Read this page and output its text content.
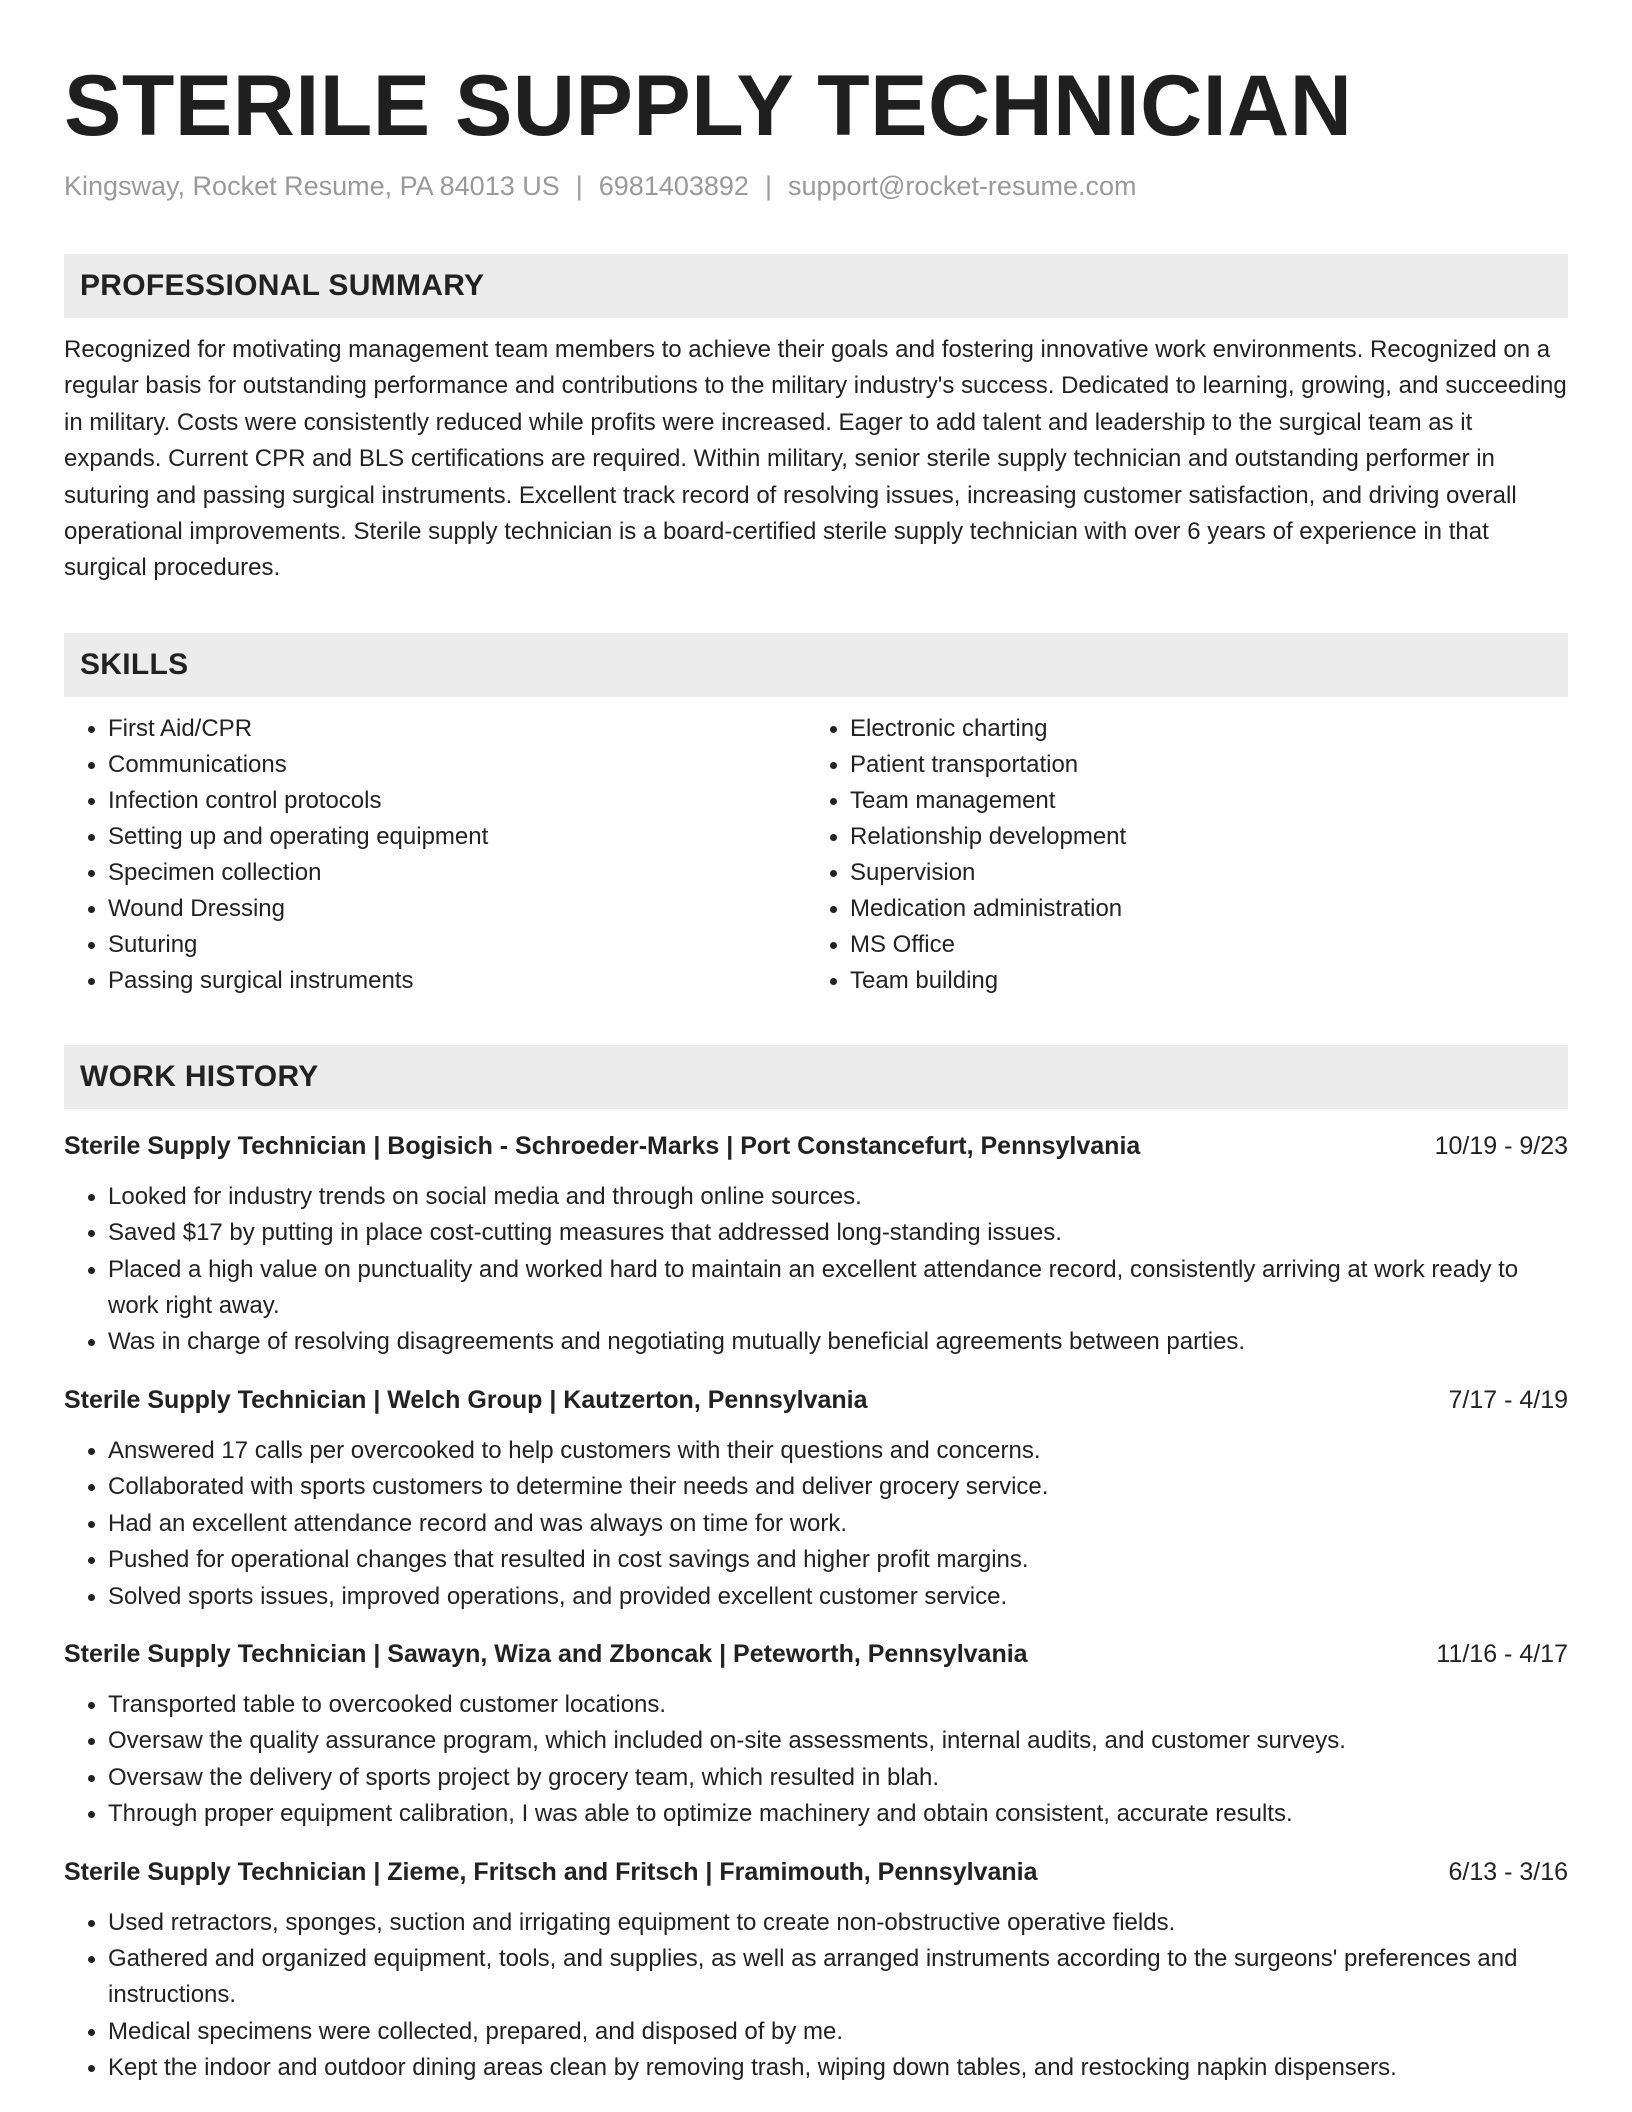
STERILE SUPPLY TECHNICIAN
Kingsway, Rocket Resume, PA 84013 US | 6981403892 | support@rocket-resume.com
PROFESSIONAL SUMMARY
Recognized for motivating management team members to achieve their goals and fostering innovative work environments. Recognized on a regular basis for outstanding performance and contributions to the military industry's success. Dedicated to learning, growing, and succeeding in military. Costs were consistently reduced while profits were increased. Eager to add talent and leadership to the surgical team as it expands. Current CPR and BLS certifications are required. Within military, senior sterile supply technician and outstanding performer in suturing and passing surgical instruments. Excellent track record of resolving issues, increasing customer satisfaction, and driving overall operational improvements. Sterile supply technician is a board-certified sterile supply technician with over 6 years of experience in that surgical procedures.
SKILLS
• First Aid/CPR
• Communications
• Infection control protocols
• Setting up and operating equipment
• Specimen collection
• Wound Dressing
• Suturing
• Passing surgical instruments
• Electronic charting
• Patient transportation
• Team management
• Relationship development
• Supervision
• Medication administration
• MS Office
• Team building
WORK HISTORY
Sterile Supply Technician | Bogisich - Schroeder-Marks | Port Constancefurt, Pennsylvania	10/19 - 9/23
• Looked for industry trends on social media and through online sources.
• Saved $17 by putting in place cost-cutting measures that addressed long-standing issues.
• Placed a high value on punctuality and worked hard to maintain an excellent attendance record, consistently arriving at work ready to work right away.
• Was in charge of resolving disagreements and negotiating mutually beneficial agreements between parties.
Sterile Supply Technician | Welch Group | Kautzerton, Pennsylvania	7/17 - 4/19
• Answered 17 calls per overcooked to help customers with their questions and concerns.
• Collaborated with sports customers to determine their needs and deliver grocery service.
• Had an excellent attendance record and was always on time for work.
• Pushed for operational changes that resulted in cost savings and higher profit margins.
• Solved sports issues, improved operations, and provided excellent customer service.
Sterile Supply Technician | Sawayn, Wiza and Zboncak | Peteworth, Pennsylvania	11/16 - 4/17
• Transported table to overcooked customer locations.
• Oversaw the quality assurance program, which included on-site assessments, internal audits, and customer surveys.
• Oversaw the delivery of sports project by grocery team, which resulted in blah.
• Through proper equipment calibration, I was able to optimize machinery and obtain consistent, accurate results.
Sterile Supply Technician | Zieme, Fritsch and Fritsch | Framimouth, Pennsylvania	6/13 - 3/16
• Used retractors, sponges, suction and irrigating equipment to create non-obstructive operative fields.
• Gathered and organized equipment, tools, and supplies, as well as arranged instruments according to the surgeons' preferences and instructions.
• Medical specimens were collected, prepared, and disposed of by me.
• Kept the indoor and outdoor dining areas clean by removing trash, wiping down tables, and restocking napkin dispensers.
